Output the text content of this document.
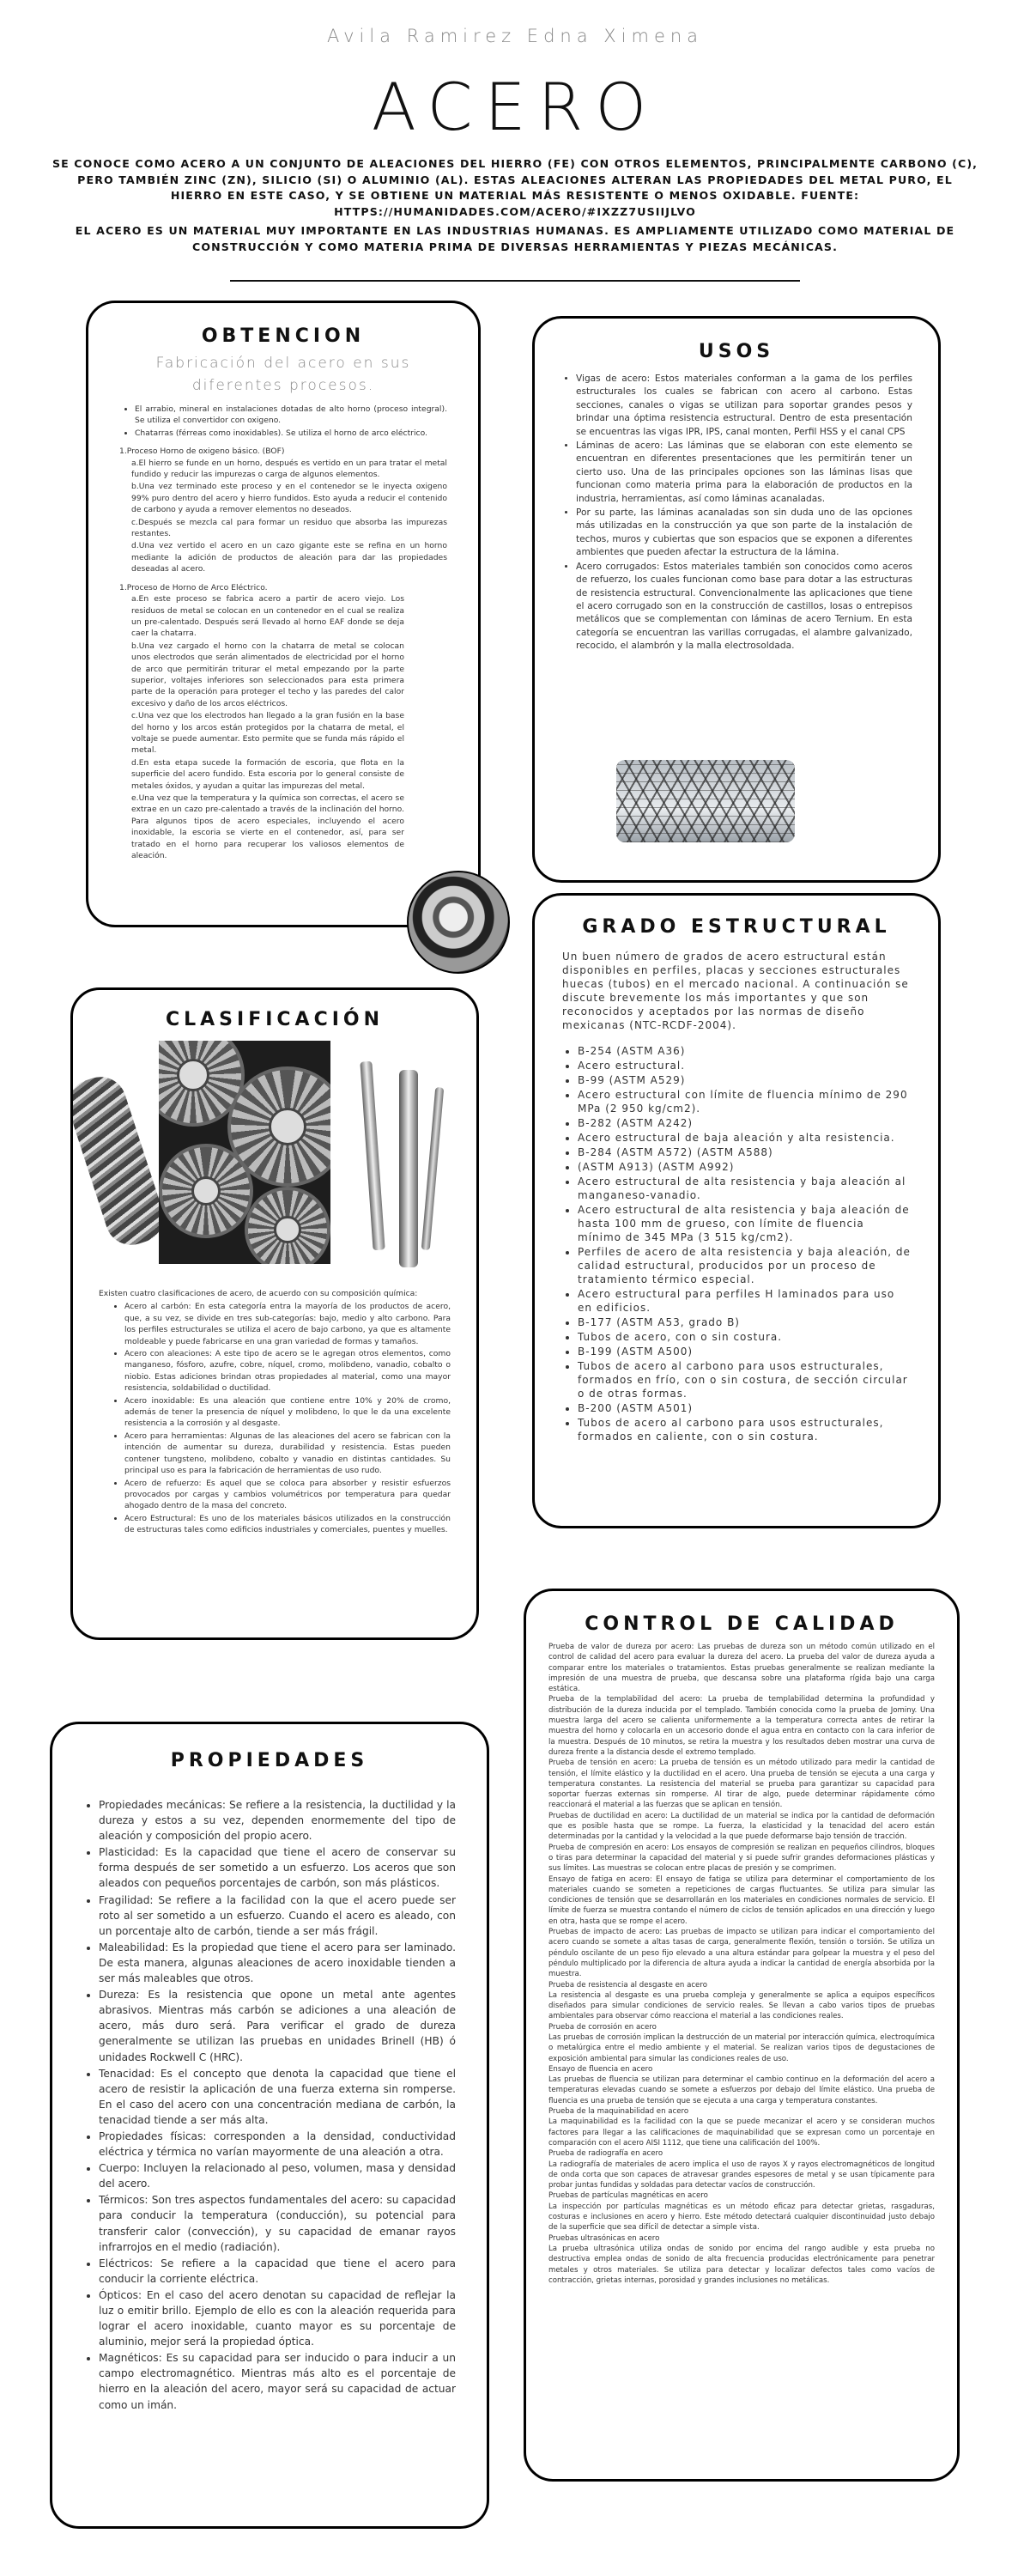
Avila Ramirez Edna Ximena
ACERO

SE CONOCE COMO ACERO A UN CONJUNTO DE ALEACIONES DEL HIERRO (FE) CON OTROS ELEMENTOS, PRINCIPALMENTE CARBONO (C), PERO TAMBIÉN ZINC (ZN), SILICIO (SI) O ALUMINIO (AL). ESTAS ALEACIONES ALTERAN LAS PROPIEDADES DEL METAL PURO, EL HIERRO EN ESTE CASO, Y SE OBTIENE UN MATERIAL MÁS RESISTENTE O MENOS OXIDABLE. FUENTE: HTTPS://HUMANIDADES.COM/ACERO/#IXZZ7USIIJLVO

EL ACERO ES UN MATERIAL MUY IMPORTANTE EN LAS INDUSTRIAS HUMANAS. ES AMPLIAMENTE UTILIZADO COMO MATERIAL DE CONSTRUCCIÓN Y COMO MATERIA PRIMA DE DIVERSAS HERRAMIENTAS Y PIEZAS MECÁNICAS.

OBTENCION
Fabricación del acero en sus diferentes procesos.
• El arrabio, mineral en instalaciones dotadas de alto horno (proceso integral). Se utiliza el convertidor con oxigeno.
• Chatarras (férreas como inoxidables). Se utiliza el horno de arco eléctrico.
1.Proceso Horno de oxigeno básico. (BOF)
a.El hierro se funde en un horno, después es vertido en un para tratar el metal fundido y reducir las impurezas o carga de algunos elementos.
b.Una vez terminado este proceso y en el contenedor se le inyecta oxigeno 99% puro dentro del acero y hierro fundidos. Esto ayuda a reducir el contenido de carbono y ayuda a remover elementos no deseados.
c.Después se mezcla cal para formar un residuo que absorba las impurezas restantes.
d.Una vez vertido el acero en un cazo gigante este se refina en un horno mediante la adición de productos de aleación para dar las propiedades deseadas al acero.
1.Proceso de Horno de Arco Eléctrico.
a.En este proceso se fabrica acero a partir de acero viejo. Los residuos de metal se colocan en un contenedor en el cual se realiza un pre-calentado. Después será llevado al horno EAF donde se deja caer la chatarra.
b.Una vez cargado el horno con la chatarra de metal se colocan unos electrodos que serán alimentados de electricidad por el horno de arco que permitirán triturar el metal empezando por la parte superior, voltajes inferiores son seleccionados para esta primera parte de la operación para proteger el techo y las paredes del calor excesivo y daño de los arcos eléctricos.
c.Una vez que los electrodos han llegado a la gran fusión en la base del horno y los arcos están protegidos por la chatarra de metal, el voltaje se puede aumentar. Esto permite que se funda más rápido el metal.
d.En esta etapa sucede la formación de escoria, que flota en la superficie del acero fundido. Esta escoria por lo general consiste de metales óxidos, y ayudan a quitar las impurezas del metal.
e.Una vez que la temperatura y la química son correctas, el acero se extrae en un cazo pre-calentado a través de la inclinación del horno. Para algunos tipos de acero especiales, incluyendo el acero inoxidable, la escoria se vierte en el contenedor, así, para ser tratado en el horno para recuperar los valiosos elementos de aleación.
USOS
• Vigas de acero: Estos materiales conforman a la gama de los perfiles estructurales los cuales se fabrican con acero al carbono. Estas secciones, canales o vigas se utilizan para soportar grandes pesos y brindar una óptima resistencia estructural. Dentro de esta presentación se encuentras las vigas IPR, IPS, canal monten, Perfil HSS y el canal CPS
• Láminas de acero: Las láminas que se elaboran con este elemento se encuentran en diferentes presentaciones que les permitirán tener un cierto uso. Una de las principales opciones son las láminas lisas que funcionan como materia prima para la elaboración de productos en la industria, herramientas, así como láminas acanaladas.
• Por su parte, las láminas acanaladas son sin duda uno de las opciones más utilizadas en la construcción ya que son parte de la instalación de techos, muros y cubiertas que son espacios que se exponen a diferentes ambientes que pueden afectar la estructura de la lámina.
• Acero corrugados: Estos materiales también son conocidos como aceros de refuerzo, los cuales funcionan como base para dotar a las estructuras de resistencia estructural. Convencionalmente las aplicaciones que tiene el acero corrugado son en la construcción de castillos, losas o entrepisos metálicos que se complementan con láminas de acero Ternium. En esta categoría se encuentran las varillas corrugadas, el alambre galvanizado, recocido, el alambrón y la malla electrosoldada.
GRADO ESTRUCTURAL
Un buen número de grados de acero estructural están disponibles en perfiles, placas y secciones estructurales huecas (tubos) en el mercado nacional. A continuación se discute brevemente los más importantes y que son reconocidos y aceptados por las normas de diseño mexicanas (NTC-RCDF-2004).
• B-254 (ASTM A36)
• Acero estructural.
• B-99 (ASTM A529)
• Acero estructural con límite de fluencia mínimo de 290 MPa (2 950 kg/cm2).
• B-282 (ASTM A242)
• Acero estructural de baja aleación y alta resistencia.
• B-284 (ASTM A572) (ASTM A588)
• (ASTM A913) (ASTM A992)
• Acero estructural de alta resistencia y baja aleación al manganeso-vanadio.
• Acero estructural de alta resistencia y baja aleación de hasta 100 mm de grueso, con límite de fluencia mínimo de 345 MPa (3 515 kg/cm2).
• Perfiles de acero de alta resistencia y baja aleación, de calidad estructural, producidos por un proceso de tratamiento térmico especial.
• Acero estructural para perfiles H laminados para uso en edificios.
• B-177 (ASTM A53, grado B)
• Tubos de acero, con o sin costura.
• B-199 (ASTM A500)
• Tubos de acero al carbono para usos estructurales, formados en frío, con o sin costura, de sección circular o de otras formas.
• B-200 (ASTM A501)
• Tubos de acero al carbono para usos estructurales, formados en caliente, con o sin costura.
CLASIFICACIÓN
Existen cuatro clasificaciones de acero, de acuerdo con su composición química:
• Acero al carbón: En esta categoría entra la mayoría de los productos de acero, que, a su vez, se divide en tres sub-categorías: bajo, medio y alto carbono. Para los perfiles estructurales se utiliza el acero de bajo carbono, ya que es altamente moldeable y puede fabricarse en una gran variedad de formas y tamaños.
• Acero con aleaciones: A este tipo de acero se le agregan otros elementos, como manganeso, fósforo, azufre, cobre, níquel, cromo, molibdeno, vanadio, cobalto o niobio. Estas adiciones brindan otras propiedades al material, como una mayor resistencia, soldabilidad o ductilidad.
• Acero inoxidable: Es una aleación que contiene entre 10% y 20% de cromo, además de tener la presencia de níquel y molibdeno, lo que le da una excelente resistencia a la corrosión y al desgaste.
• Acero para herramientas: Algunas de las aleaciones del acero se fabrican con la intención de aumentar su dureza, durabilidad y resistencia. Estas pueden contener tungsteno, molibdeno, cobalto y vanadio en distintas cantidades. Su principal uso es para la fabricación de herramientas de uso rudo.
• Acero de refuerzo: Es aquel que se coloca para absorber y resistir esfuerzos provocados por cargas y cambios volumétricos por temperatura para quedar ahogado dentro de la masa del concreto.
• Acero Estructural: Es uno de los materiales básicos utilizados en la construcción de estructuras tales como edificios industriales y comerciales, puentes y muelles.
CONTROL DE CALIDAD

Prueba de valor de dureza por acero: Las pruebas de dureza son un método común utilizado en el control de calidad del acero para evaluar la dureza del acero. La prueba del valor de dureza ayuda a comparar entre los materiales o tratamientos. Estas pruebas generalmente se realizan mediante la impresión de una muestra de prueba, que descansa sobre una plataforma rígida bajo una carga estática.

Prueba de la templabilidad del acero: La prueba de templabilidad determina la profundidad y distribución de la dureza inducida por el templado. También conocida como la prueba de Jominy. Una muestra larga del acero se calienta uniformemente a la temperatura correcta antes de retirar la muestra del horno y colocarla en un accesorio donde el agua entra en contacto con la cara inferior de la muestra. Después de 10 minutos, se retira la muestra y los resultados deben mostrar una curva de dureza frente a la distancia desde el extremo templado.

Prueba de tensión en acero: La prueba de tensión es un método utilizado para medir la cantidad de tensión, el límite elástico y la ductilidad en el acero. Una prueba de tensión se ejecuta a una carga y temperatura constantes. La resistencia del material se prueba para garantizar su capacidad para soportar fuerzas externas sin romperse. Al tirar de algo, puede determinar rápidamente cómo reaccionará el material a las fuerzas que se aplican en tensión.

Pruebas de ductilidad en acero: La ductilidad de un material se indica por la cantidad de deformación que es posible hasta que se rompe. La fuerza, la elasticidad y la tenacidad del acero están determinadas por la cantidad y la velocidad a la que puede deformarse bajo tensión de tracción.

Prueba de compresión en acero: Los ensayos de compresión se realizan en pequeños cilindros, bloques o tiras para determinar la capacidad del material y si puede sufrir grandes deformaciones plásticas y sus límites. Las muestras se colocan entre placas de presión y se comprimen.

Ensayo de fatiga en acero: El ensayo de fatiga se utiliza para determinar el comportamiento de los materiales cuando se someten a repeticiones de cargas fluctuantes. Se utiliza para simular las condiciones de tensión que se desarrollarán en los materiales en condiciones normales de servicio. El límite de fuerza se muestra contando el número de ciclos de tensión aplicados en una dirección y luego en otra, hasta que se rompe el acero.

Pruebas de impacto de acero: Las pruebas de impacto se utilizan para indicar el comportamiento del acero cuando se somete a altas tasas de carga, generalmente flexión, tensión o torsión. Se utiliza un péndulo oscilante de un peso fijo elevado a una altura estándar para golpear la muestra y el peso del péndulo multiplicado por la diferencia de altura ayuda a indicar la cantidad de energía absorbida por la muestra.

Prueba de resistencia al desgaste en acero

La resistencia al desgaste es una prueba compleja y generalmente se aplica a equipos específicos diseñados para simular condiciones de servicio reales. Se llevan a cabo varios tipos de pruebas ambientales para observar cómo reacciona el material a las condiciones reales.

Prueba de corrosión en acero

Las pruebas de corrosión implican la destrucción de un material por interacción química, electroquímica o metalúrgica entre el medio ambiente y el material. Se realizan varios tipos de degustaciones de exposición ambiental para simular las condiciones reales de uso.

Ensayo de fluencia en acero

Las pruebas de fluencia se utilizan para determinar el cambio continuo en la deformación del acero a temperaturas elevadas cuando se somete a esfuerzos por debajo del límite elástico. Una prueba de fluencia es una prueba de tensión que se ejecuta a una carga y temperatura constantes.

Prueba de la maquinabilidad en acero

La maquinabilidad es la facilidad con la que se puede mecanizar el acero y se consideran muchos factores para llegar a las calificaciones de maquinabilidad que se expresan como un porcentaje en comparación con el acero AISI 1112, que tiene una calificación del 100%.

Prueba de radiografía en acero

La radiografía de materiales de acero implica el uso de rayos X y rayos electromagnéticos de longitud de onda corta que son capaces de atravesar grandes espesores de metal y se usan típicamente para probar juntas fundidas y soldadas para detectar vacíos de construcción.

Pruebas de partículas magnéticas en acero

La inspección por partículas magnéticas es un método eficaz para detectar grietas, rasgaduras, costuras e inclusiones en acero y hierro. Este método detectará cualquier discontinuidad justo debajo de la superficie que sea difícil de detectar a simple vista.

Pruebas ultrasónicas en acero

La prueba ultrasónica utiliza ondas de sonido por encima del rango audible y esta prueba no destructiva emplea ondas de sonido de alta frecuencia producidas electrónicamente para penetrar metales y otros materiales. Se utiliza para detectar y localizar defectos tales como vacíos de contracción, grietas internas, porosidad y grandes inclusiones no metálicas.

PROPIEDADES
• Propiedades mecánicas: Se refiere a la resistencia, la ductilidad y la dureza y estos a su vez, dependen enormemente del tipo de aleación y composición del propio acero.
• Plasticidad: Es la capacidad que tiene el acero de conservar su forma después de ser sometido a un esfuerzo. Los aceros que son aleados con pequeños porcentajes de carbón, son más plásticos.
• Fragilidad: Se refiere a la facilidad con la que el acero puede ser roto al ser sometido a un esfuerzo. Cuando el acero es aleado, con un porcentaje alto de carbón, tiende a ser más frágil.
• Maleabilidad: Es la propiedad que tiene el acero para ser laminado. De esta manera, algunas aleaciones de acero inoxidable tienden a ser más maleables que otros.
• Dureza: Es la resistencia que opone un metal ante agentes abrasivos. Mientras más carbón se adiciones a una aleación de acero, más duro será. Para verificar el grado de dureza generalmente se utilizan las pruebas en unidades Brinell (HB) ó unidades Rockwell C (HRC).
• Tenacidad: Es el concepto que denota la capacidad que tiene el acero de resistir la aplicación de una fuerza externa sin romperse. En el caso del acero con una concentración mediana de carbón, la tenacidad tiende a ser más alta.
• Propiedades físicas: corresponden a la densidad, conductividad eléctrica y térmica no varían mayormente de una aleación a otra.
• Cuerpo: Incluyen la relacionado al peso, volumen, masa y densidad del acero.
• Térmicos: Son tres aspectos fundamentales del acero: su capacidad para conducir la temperatura (conducción), su potencial para transferir calor (convección), y su capacidad de emanar rayos infrarrojos en el medio (radiación).
• Eléctricos: Se refiere a la capacidad que tiene el acero para conducir la corriente eléctrica.
• Ópticos: En el caso del acero denotan su capacidad de reflejar la luz o emitir brillo. Ejemplo de ello es con la aleación requerida para lograr el acero inoxidable, cuanto mayor es su porcentaje de aluminio, mejor será la propiedad óptica.
• Magnéticos: Es su capacidad para ser inducido o para inducir a un campo electromagnético. Mientras más alto es el porcentaje de hierro en la aleación del acero, mayor será su capacidad de actuar como un imán.
